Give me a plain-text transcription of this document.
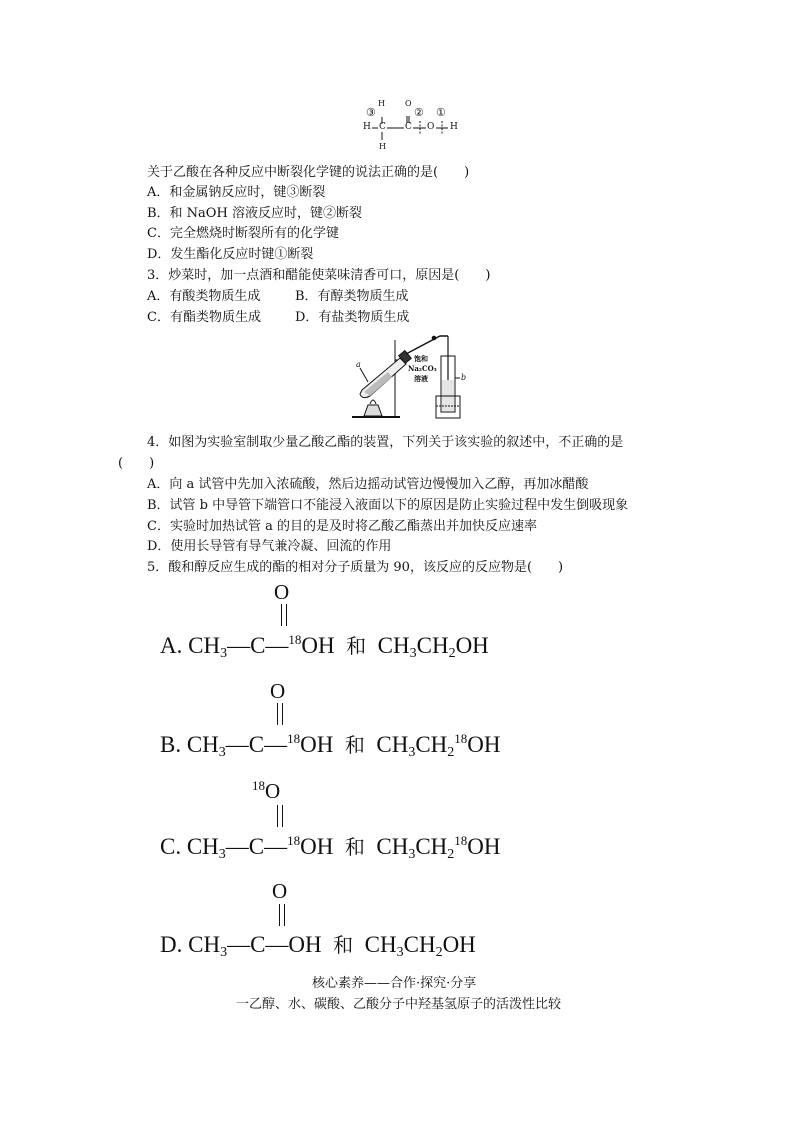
③
H	O
② ①
H C C O H
H
关于乙酸在各种反应中断裂化学键的说法正确的是(　　)
A．和金属钠反应时，键③断裂
B．和 NaOH 溶液反应时，键②断裂
C．完全燃烧时断裂所有的化学键
D．发生酯化反应时键①断裂
3．炒菜时，加一点酒和醋能使菜味清香可口，原因是(　　)
A．有酸类物质生成	B．有醇类物质生成
C．有酯类物质生成	D．有盐类物质生成
a
b
饱和
Na₂CO₃
溶液
4．如图为实验室制取少量乙酸乙酯的装置，下列关于该实验的叙述中，不正确的是
(　　)
A．向 a 试管中先加入浓硫酸，然后边摇动试管边慢慢加入乙醇，再加冰醋酸
B．试管 b 中导管下端管口不能浸入液面以下的原因是防止实验过程中发生倒吸现象
C．实验时加热试管 a 的目的是及时将乙酸乙酯蒸出并加快反应速率
D．使用长导管有导气兼冷凝、回流的作用
5．酸和醇反应生成的酯的相对分子质量为 90，该反应的反应物是(　　)
O
A. $CH_3—C—^{18}OH$ 和 $CH_3CH_2OH$
O
B. $CH_3—C—^{18}OH$ 和 $CH_3CH_2^{18}OH$
$^{18}$O
C. $CH_3—C—^{18}OH$ 和 $CH_3CH_2^{18}OH$
O
D. $CH_3—C—OH$ 和 $CH_3CH_2OH$
核心素养——合作·探究·分享
一乙醇、水、碳酸、乙酸分子中羟基氢原子的活泼性比较
